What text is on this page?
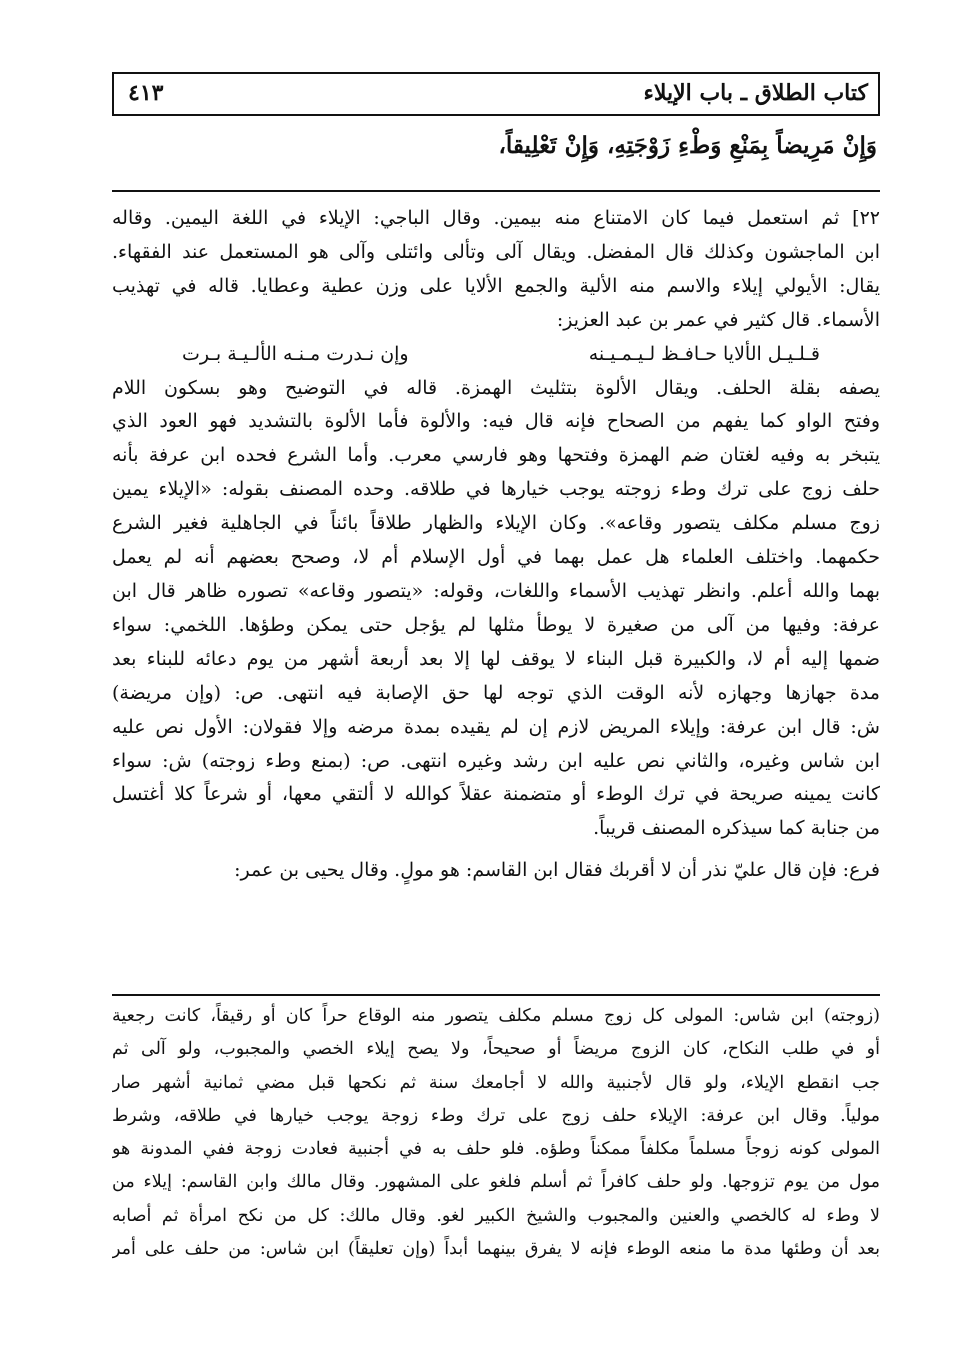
كتاب الطلاق ـ باب الإيلاء
٤١٣
وَإِنْ مَرِيضاً بِمَنْعِ وَطْءِ زَوْجَتِهِ، وَإِنْ تَعْلِيقاً،
٢٢] ثم استعمل فيما كان الامتناع منه بيمين. وقال الباجي: الإيلاء في اللغة اليمين. وقاله
ابن الماجشون وكذلك قال المفضل. ويقال آلى وتألى وائتلى وآلى هو المستعمل عند الفقهاء.
يقال: الأيولي إيلاء والاسم منه الألية والجمع الألايا على وزن عطية وعطايا. قاله في تهذيب
الأسماء. قال كثير في عمر بن عبد العزيز:
قـلـيـل الألايا حـافـظ لـيـمـيـنه
وإن نـدرت مـنـه الألـيـة بـرت
يصفه بقلة الحلف. ويقال الألوة بتثليث الهمزة. قاله في التوضيح وهو بسكون اللام
وفتح الواو كما يفهم من الصحاح فإنه قال فيه: والألوة فأما الألوة بالتشديد فهو العود الذي
يتبخر به وفيه لغتان ضم الهمزة وفتحها وهو فارسي معرب. وأما الشرع فحده ابن عرفة بأنه
حلف زوج على ترك وطء زوجته يوجب خيارها في طلاقه. وحده المصنف بقوله: «الإيلاء يمين
زوج مسلم مكلف يتصور وقاعه». وكان الإيلاء والظهار طلاقاً بائناً في الجاهلية فغير الشرع
حكمهما. واختلف العلماء هل عمل بهما في أول الإسلام أم لا، وصحح بعضهم أنه لم يعمل
بهما والله أعلم. وانظر تهذيب الأسماء واللغات، وقوله: «يتصور وقاعه» تصوره ظاهر قال ابن
عرفة: وفيها من آلى من صغيرة لا يوطأ مثلها لم يؤجل حتى يمكن وطؤها. اللخمي: سواء
ضمها إليه أم لا، والكبيرة قبل البناء لا يوقف لها إلا بعد أربعة أشهر من يوم دعائه للبناء بعد
مدة جهازها وجهازه لأنه الوقت الذي توجه لها حق الإصابة فيه انتهى. ص: (وإن مريضة)
ش: قال ابن عرفة: وإيلاء المريض لازم إن لم يقيده بمدة مرضه وإلا فقولان: الأول نص عليه
ابن شاس وغيره، والثاني نص عليه ابن رشد وغيره انتهى. ص: (بمنع وطء زوجته) ش: سواء
كانت يمينه صريحة في ترك الوطء أو متضمنة عقلاً كوالله لا ألتقي معها، أو شرعاً كلا أغتسل
من جنابة كما سيذكره المصنف قريباً.
فرع: فإن قال عليّ نذر أن لا أقربك فقال ابن القاسم: هو مولٍ. وقال يحيى بن عمر:
(زوجته) ابن شاس: المولى كل زوج مسلم مكلف يتصور منه الوقاع حراً كان أو رقيقاً، كانت رجعية
أو في طلب النكاح، كان الزوج مريضاً أو صحيحاً، ولا يصح إيلاء الخصي والمجبوب، ولو آلى ثم
جب انقطع الإيلاء، ولو قال لأجنبية والله لا أجامعك سنة ثم نكحها قبل مضي ثمانية أشهر صار
مولياً. وقال ابن عرفة: الإيلاء حلف زوج على ترك وطء زوجة يوجب خيارها في طلاقه، وشرط
المولى كونه زوجاً مسلماً مكلفاً ممكناً وطؤه. فلو حلف به في أجنبية فعادت زوجة ففي المدونة هو
مول من يوم تزوجها. ولو حلف كافراً ثم أسلم فلغو على المشهور. وقال مالك وابن القاسم: إيلاء من
لا وطء له كالخصي والعنين والمجبوب والشيخ الكبير لغو. وقال مالك: كل من نكح امرأة ثم أصابه
بعد أن وطئها مدة ما منعه الوطء فإنه لا يفرق بينهما أبداً (وإن تعليقاً) ابن شاس: من حلف على أمر
